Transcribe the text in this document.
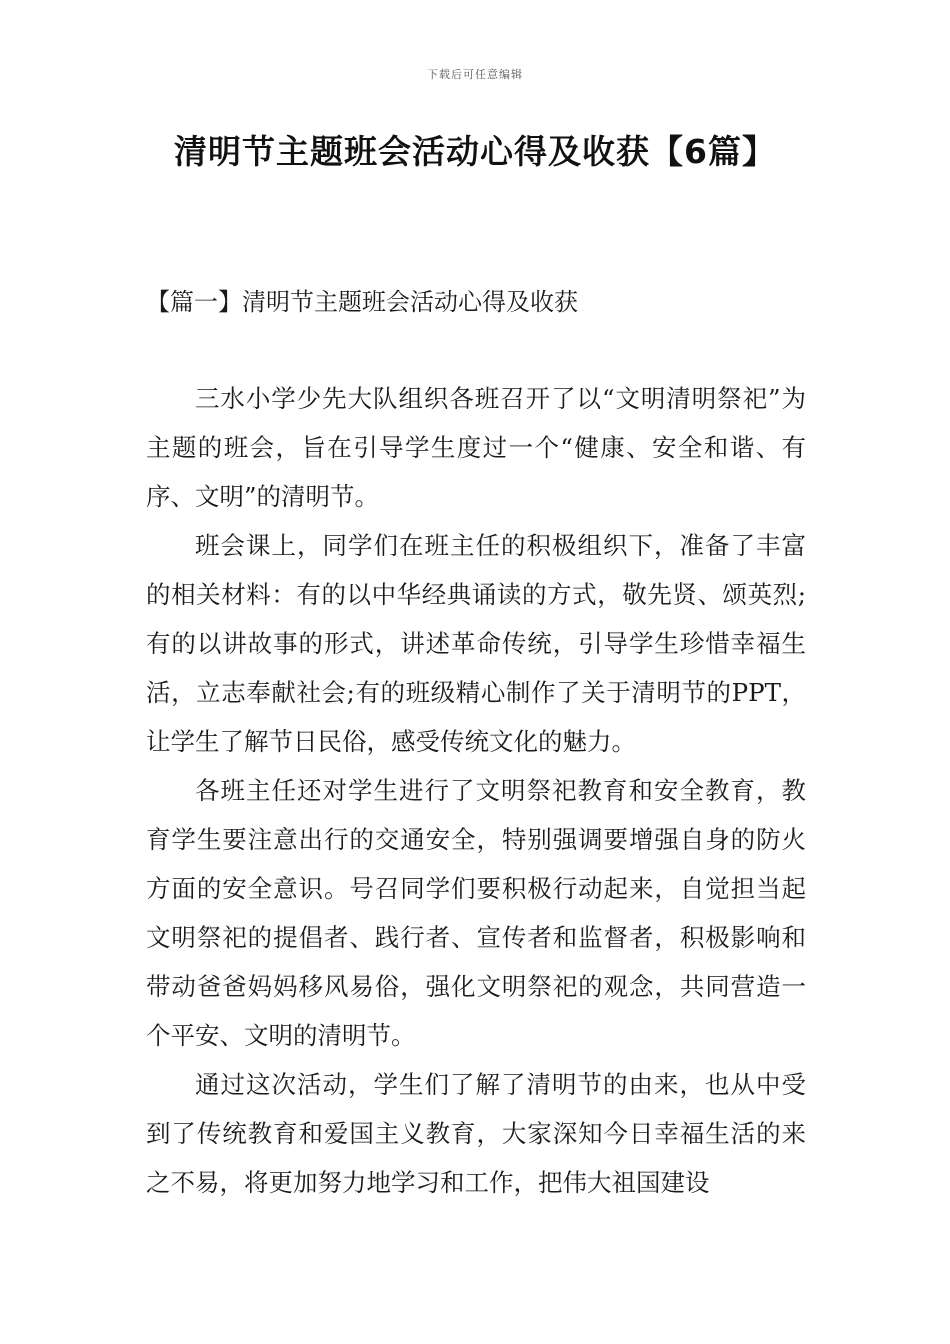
下载后可任意编辑
清明节主题班会活动心得及收获【6篇】
【篇一】清明节主题班会活动心得及收获

三水小学少先大队组织各班召开了以“文明清明祭祀”为主题的班会，旨在引导学生度过一个“健康、安全和谐、有序、文明”的清明节。

班会课上，同学们在班主任的积极组织下，准备了丰富的相关材料：有的以中华经典诵读的方式，敬先贤、颂英烈;有的以讲故事的形式，讲述革命传统，引导学生珍惜幸福生活，立志奉献社会;有的班级精心制作了关于清明节的PPT，让学生了解节日民俗，感受传统文化的魅力。

各班主任还对学生进行了文明祭祀教育和安全教育，教育学生要注意出行的交通安全，特别强调要增强自身的防火方面的安全意识。号召同学们要积极行动起来，自觉担当起文明祭祀的提倡者、践行者、宣传者和监督者，积极影响和带动爸爸妈妈移风易俗，强化文明祭祀的观念，共同营造一个平安、文明的清明节。

通过这次活动，学生们了解了清明节的由来，也从中受到了传统教育和爱国主义教育，大家深知今日幸福生活的来之不易，将更加努力地学习和工作，把伟大祖国建设
